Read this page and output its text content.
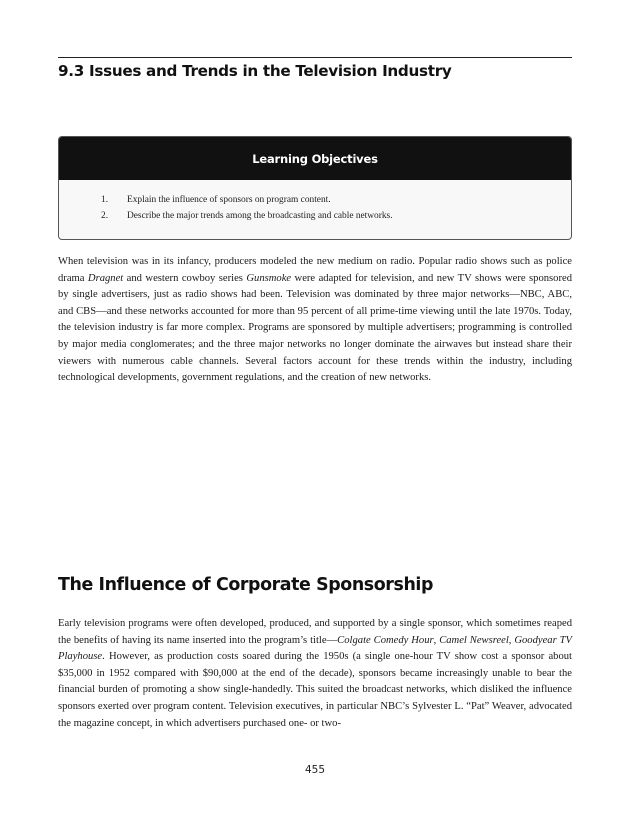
9.3 Issues and Trends in the Television Industry
Learning Objectives
1. Explain the influence of sponsors on program content.
2. Describe the major trends among the broadcasting and cable networks.

When television was in its infancy, producers modeled the new medium on radio. Popular radio shows such as police drama Dragnet and western cowboy series Gunsmoke were adapted for television, and new TV shows were sponsored by single advertisers, just as radio shows had been. Television was dominated by three major networks—NBC, ABC, and CBS—and these networks accounted for more than 95 percent of all prime-time viewing until the late 1970s. Today, the television industry is far more complex. Programs are sponsored by multiple advertisers; programming is controlled by major media conglomerates; and the three major networks no longer dominate the airwaves but instead share their viewers with numerous cable channels. Several factors account for these trends within the industry, including technological developments, government regulations, and the creation of new networks.

The Influence of Corporate Sponsorship

Early television programs were often developed, produced, and supported by a single sponsor, which sometimes reaped the benefits of having its name inserted into the program’s title—Colgate Comedy Hour, Camel Newsreel, Goodyear TV Playhouse. However, as production costs soared during the 1950s (a single one-hour TV show cost a sponsor about $35,000 in 1952 compared with $90,000 at the end of the decade), sponsors became increasingly unable to bear the financial burden of promoting a show single-handedly. This suited the broadcast networks, which disliked the influence sponsors exerted over program content. Television executives, in particular NBC’s Sylvester L. “Pat” Weaver, advocated the magazine concept, in which advertisers purchased one- or two-

455
